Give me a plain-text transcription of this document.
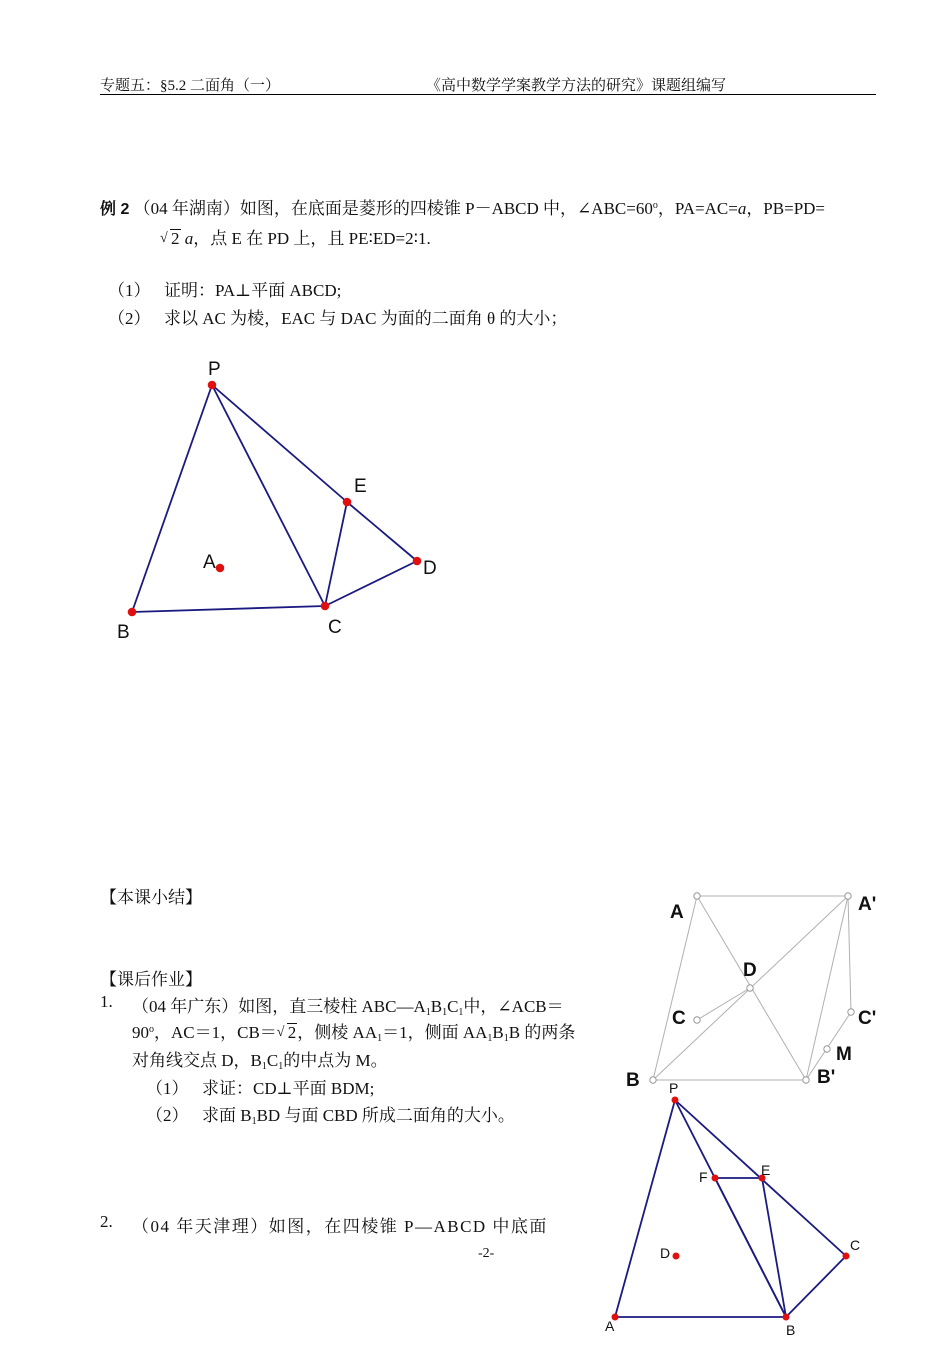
专题五：§5.2 二面角（一）	《高中数学学案教学方法的研究》课题组编写
例 2 （04 年湖南）如图，在底面是菱形的四棱锥 P－ABCD 中，$\angle ABC=60^o$，PA=AC=a，PB=PD=
√ 2 a，点 E 在 PD 上，且 PE∶ED=2∶1.
（1） 证明：PA⊥平面 ABCD;
（2） 求以 AC 为棱，EAC 与 DAC 为面的二面角 θ 的大小；
P
E
A	D
B	C
【本课小结】
【课后作业】
1. （04 年广东）如图，直三棱柱 $ABC—A_1B_1C_1$中，∠ACB＝
$90^o$，AC＝1，CB＝ √ 2，侧棱 $AA_1=1$，侧面 $AA_1B_1B$ 的两条
对角线交点 D，$B_1C_1$的中点为 M。
（1） 求证：CD⊥平面 BDM;
（2） 求面 $B_1BD$ 与面 CBD 所成二面角的大小。
2. （04 年天津理）如图，在四棱锥 P—ABCD 中底面
-2-
A	A'
D
C	C'
M
B	B'
P
F	E
C
D
A	B
